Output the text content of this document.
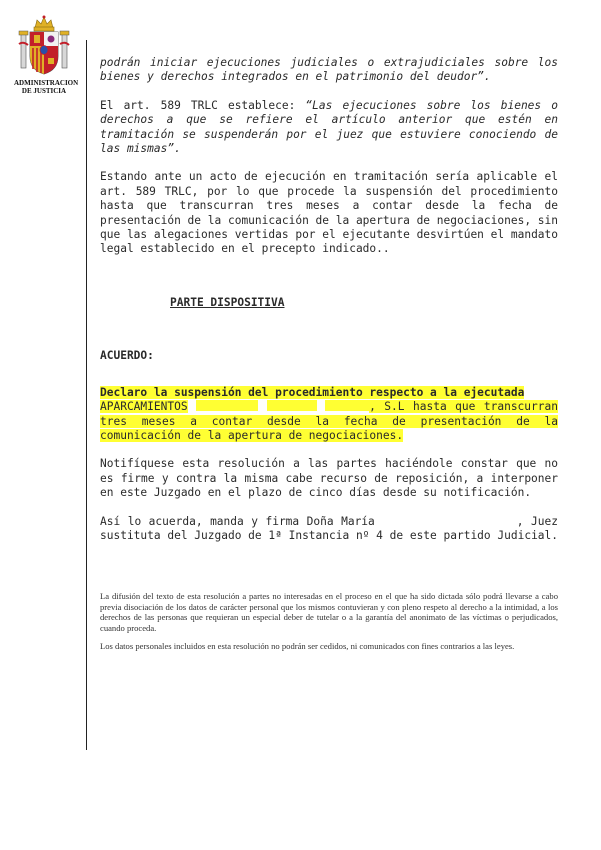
ADMINISTRACION
DE JUSTICIA

podrán iniciar ejecuciones judiciales o extrajudiciales sobre los bienes y derechos integrados en el patrimonio del deudor”.

El art. 589 TRLC establece: “Las ejecuciones sobre los bienes o derechos a que se refiere el artículo anterior que estén en tramitación se suspenderán por el juez que estuviere conociendo de las mismas”.

Estando ante un acto de ejecución en tramitación sería aplicable el art. 589 TRLC, por lo que procede la suspensión del procedimiento hasta que transcurran tres meses a contar desde la fecha de presentación de la comunicación de la apertura de negociaciones, sin que las alegaciones vertidas por el ejecutante desvirtúen el mandato legal establecido en el precepto indicado..

PARTE DISPOSITIVA

ACUERDO:

Declaro la suspensión del procedimiento respecto a la ejecutada
APARCAMIENTOS	, S.L hasta que transcurran tres meses a contar desde la fecha de presentación de la comunicación de la apertura de negociaciones.

Notifíquese esta resolución a las partes haciéndole constar que no es firme y contra la misma cabe recurso de reposición, a interponer en este Juzgado en el plazo de cinco días desde su notificación.

Así lo acuerda, manda y firma Doña María	, Juez sustituta del Juzgado de 1ª Instancia nº 4 de este partido Judicial.

La difusión del texto de esta resolución a partes no interesadas en el proceso en el que ha sido dictada sólo podrá llevarse a cabo previa disociación de los datos de carácter personal que los mismos contuvieran y con pleno respeto al derecho a la intimidad, a los derechos de las personas que requieran un especial deber de tutelar o a la garantía del anonimato de las víctimas o perjudicados, cuando proceda.

Los datos personales incluidos en esta resolución no podrán ser cedidos, ni comunicados con fines contrarios a las leyes.
